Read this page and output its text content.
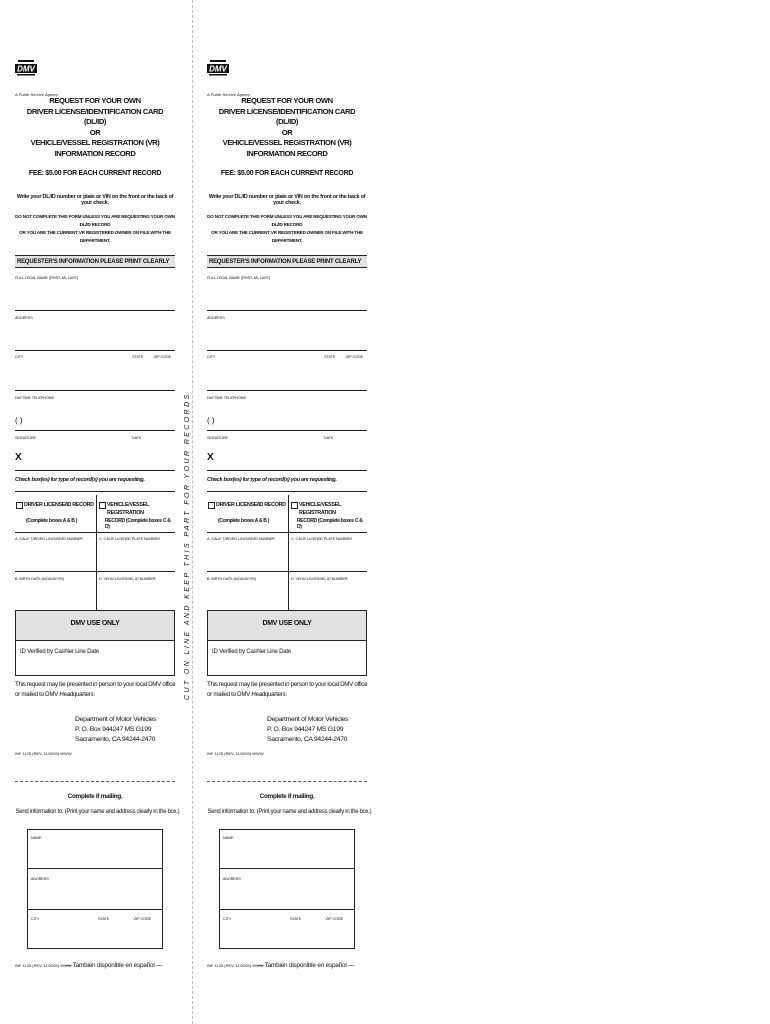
CUT ON LINE AND KEEP THIS PART FOR YOUR RECORDS
DMV
A Public Service Agency
REQUEST FOR YOUR OWN
DRIVER LICENSE/IDENTIFICATION CARD (DL/ID)
OR
VEHICLE/VESSEL REGISTRATION (VR) INFORMATION RECORD
FEE: $5.00 FOR EACH CURRENT RECORD
Write your DL/ID number or plate or VIN on the front or the back of your check.
DO NOT COMPLETE THIS FORM UNLESS YOU ARE REQUESTING YOUR OWN DL/ID RECORD
OR YOU ARE THE CURRENT VR REGISTERED OWNER ON FILE WITH THE DEPARTMENT.
REQUESTER'S INFORMATION PLEASE PRINT CLEARLY
FULL LEGAL NAME (FIRST, MI, LAST)
ADDRESS
CITY	STATE	ZIP CODE
DAYTIME TELEPHONE
( )
SIGNATURE	DATE
X
Check box(es) for type of record(s) you are requesting.
DRIVER LICENSE/ID RECORD
(Complete boxes A & B )
VEHICLE/VESSEL REGISTRATION
RECORD (Complete boxes C & D)
A. CALIF. DRIVER LICENSE/ID NUMBER	C. CALIF. LICENSE PLATE NUMBER
B. BIRTH DATE (MO/DAY/YR)	D. VEHICLE/VESSEL ID NUMBER
DMV USE ONLY
ID Verified by Cashier Line Date
This request may be presented in person to your local DMV office or mailed to DMV Headquarters:
Department of Motor Vehicles
P. O. Box 944247 MS G199
Sacramento, CA 94244-2470
INF 1125 (REV. 11/2000) WWW
Complete if mailing.
Send information to: (Print your name and address clearly in the box.)
NAME
ADDRESS
CITY	STATE	ZIP CODE
INF 1125 (REV. 11/2000) WWW
— También disponible en español —
DMV
A Public Service Agency
REQUEST FOR YOUR OWN
DRIVER LICENSE/IDENTIFICATION CARD (DL/ID)
OR
VEHICLE/VESSEL REGISTRATION (VR) INFORMATION RECORD
FEE: $5.00 FOR EACH CURRENT RECORD
Write your DL/ID number or plate or VIN on the front or the back of your check.
DO NOT COMPLETE THIS FORM UNLESS YOU ARE REQUESTING YOUR OWN DL/ID RECORD
OR YOU ARE THE CURRENT VR REGISTERED OWNER ON FILE WITH THE DEPARTMENT.
REQUESTER'S INFORMATION PLEASE PRINT CLEARLY
FULL LEGAL NAME (FIRST, MI, LAST)
ADDRESS
CITY	STATE	ZIP CODE
DAYTIME TELEPHONE
( )
SIGNATURE	DATE
X
Check box(es) for type of record(s) you are requesting.
DRIVER LICENSE/ID RECORD
(Complete boxes A & B )
VEHICLE/VESSEL REGISTRATION
RECORD (Complete boxes C & D)
A. CALIF. DRIVER LICENSE/ID NUMBER	C. CALIF. LICENSE PLATE NUMBER
B. BIRTH DATE (MO/DAY/YR)	D. VEHICLE/VESSEL ID NUMBER
DMV USE ONLY
ID Verified by Cashier Line Date
This request may be presented in person to your local DMV office or mailed to DMV Headquarters:
Department of Motor Vehicles
P. O. Box 944247 MS G199
Sacramento, CA 94244-2470
INF 1125 (REV. 11/2000) WWW
Complete if mailing.
Send information to: (Print your name and address clearly in the box.)
NAME
ADDRESS
CITY	STATE	ZIP CODE
INF 1125 (REV. 11/2000) WWW
— También disponible en español —
